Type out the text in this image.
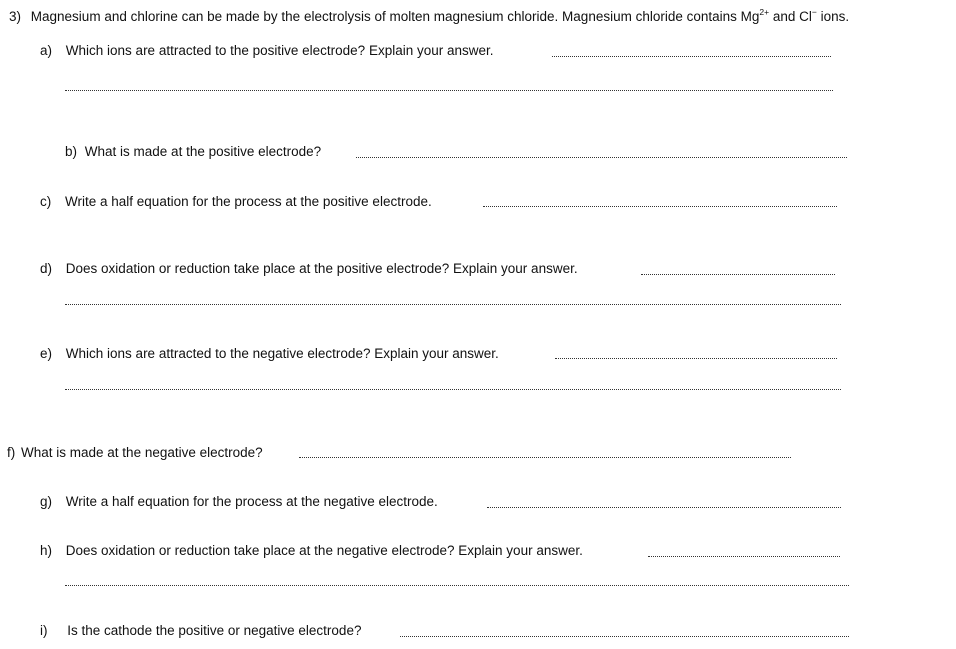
3) Magnesium and chlorine can be made by the electrolysis of molten magnesium chloride. Magnesium chloride contains $Mg^{2+}$ and Cl− ions.
a) Which ions are attracted to the positive electrode? Explain your answer.
b) What is made at the positive electrode?
c) Write a half equation for the process at the positive electrode.
d) Does oxidation or reduction take place at the positive electrode? Explain your answer.
e) Which ions are attracted to the negative electrode? Explain your answer.
f) What is made at the negative electrode?
g) Write a half equation for the process at the negative electrode.
h) Does oxidation or reduction take place at the negative electrode? Explain your answer.
i) Is the cathode the positive or negative electrode?
